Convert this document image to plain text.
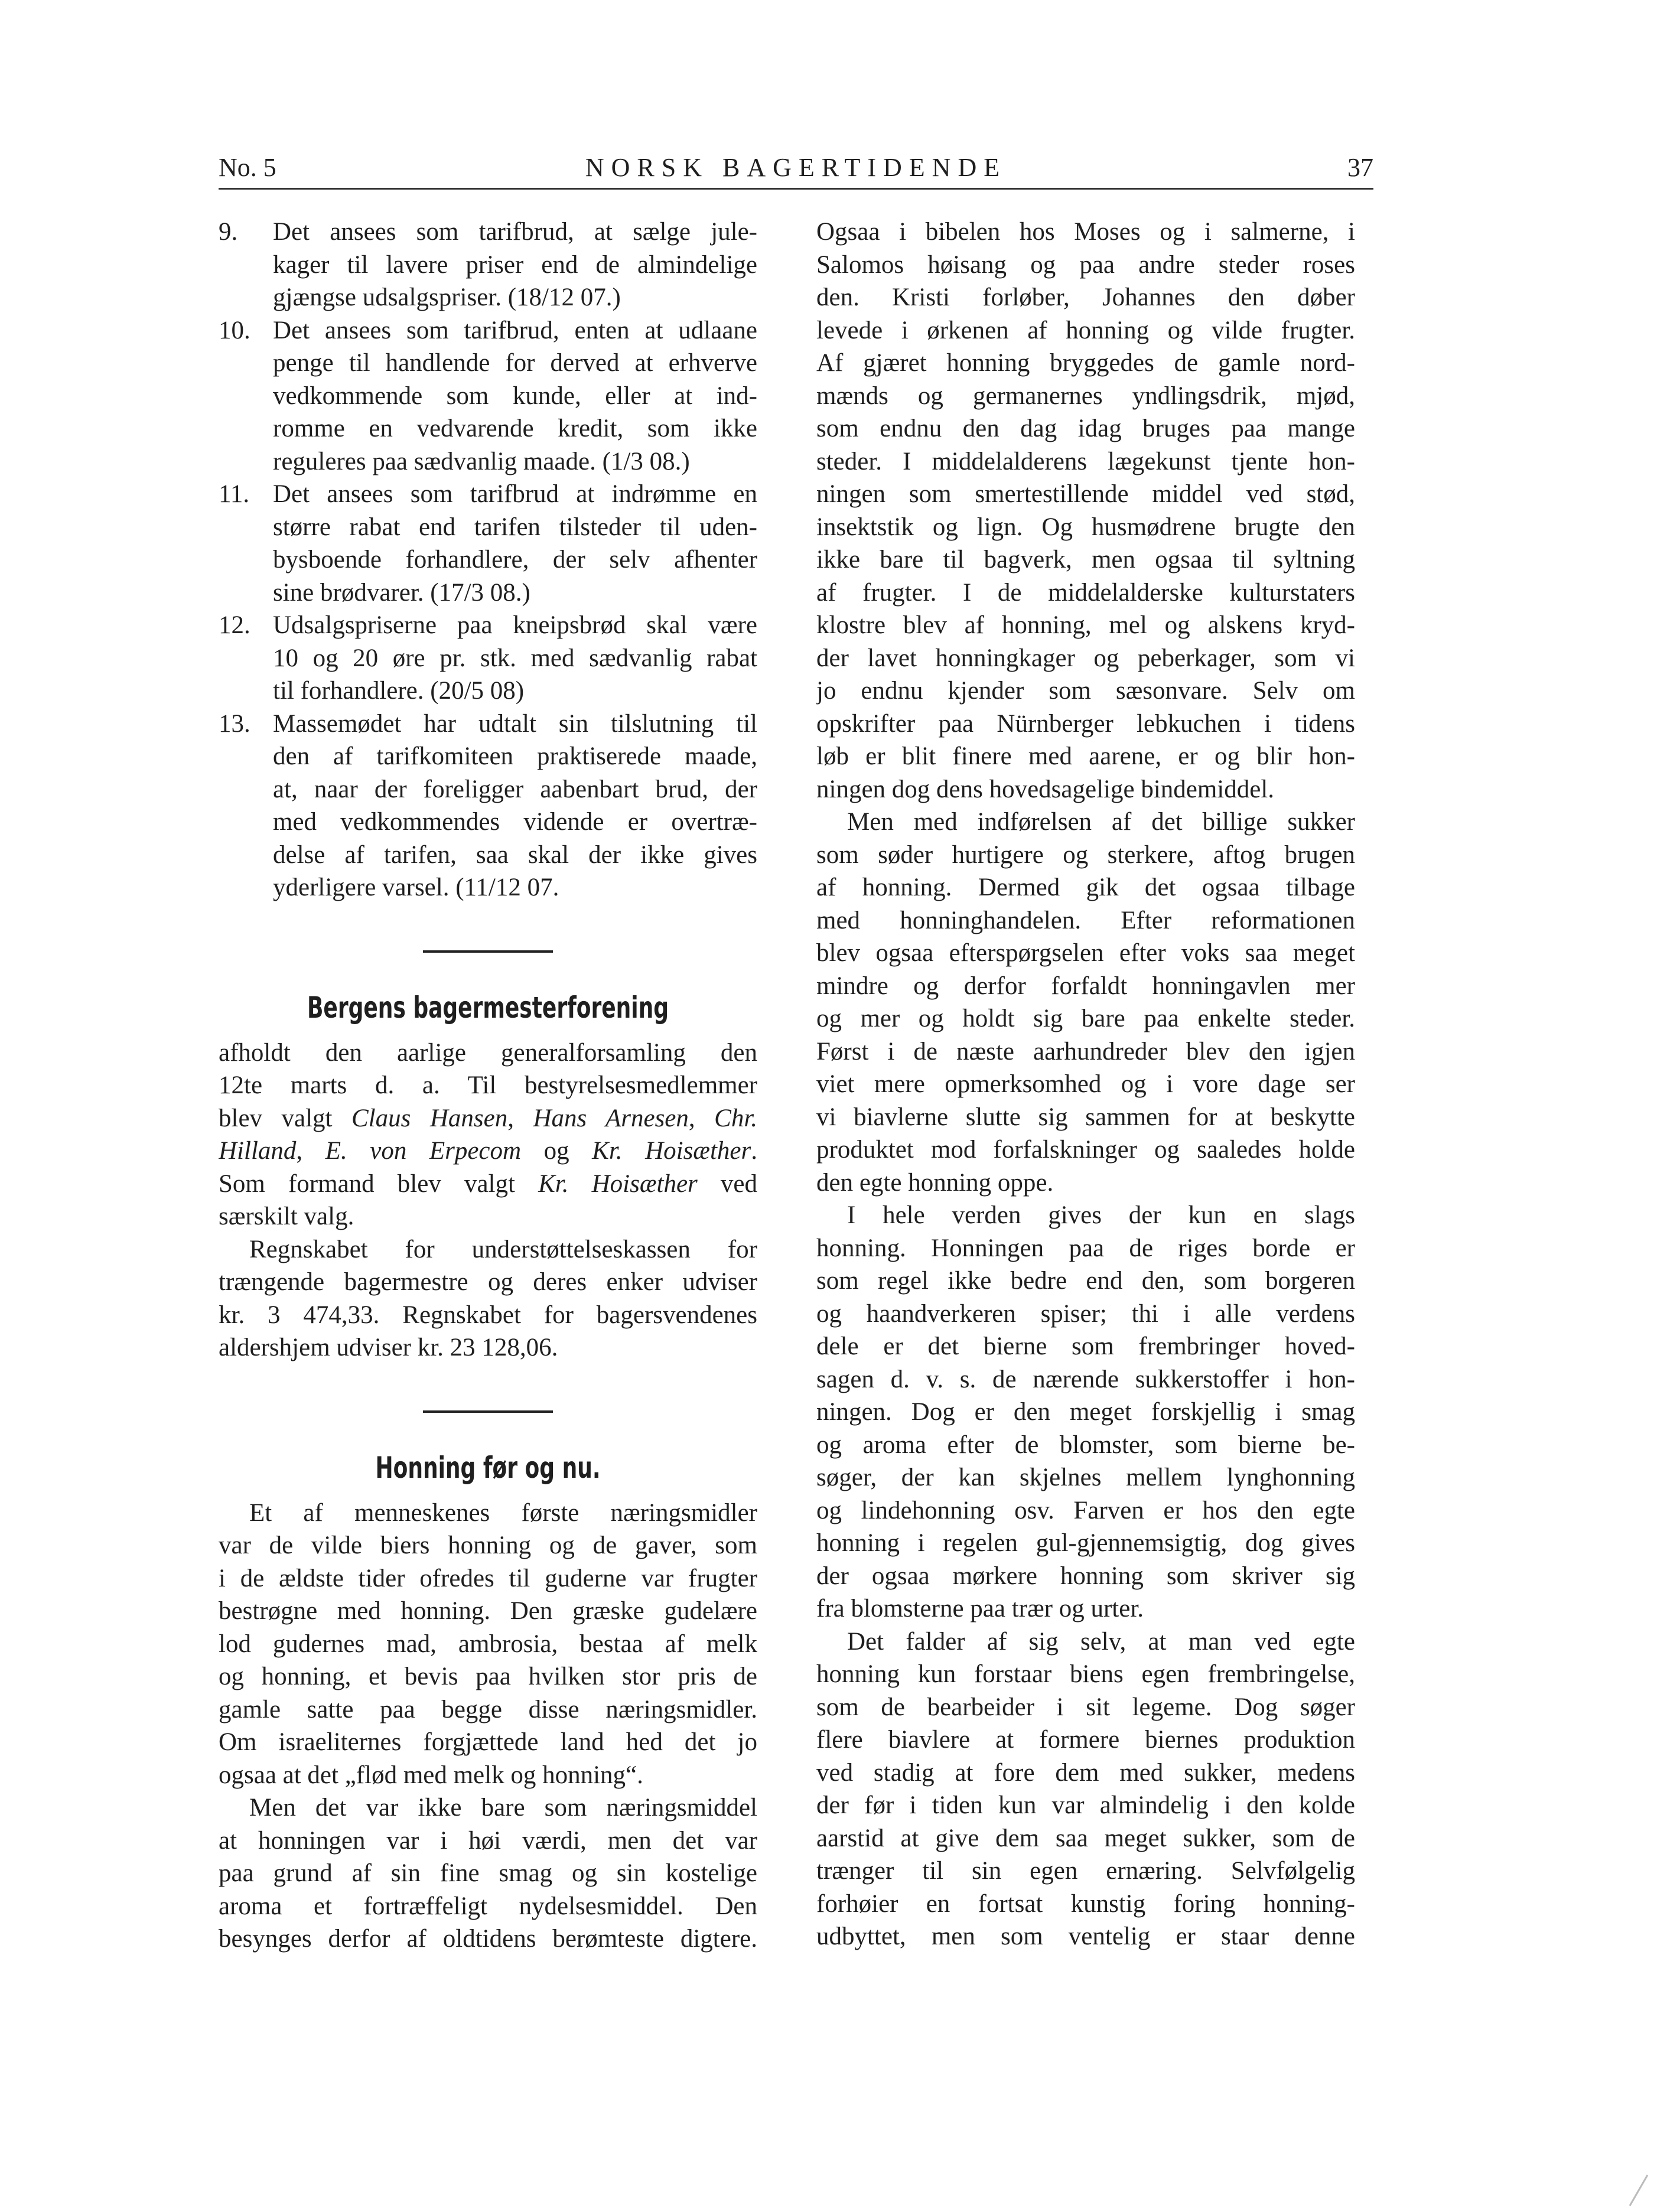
No. 5	NORSK BAGERTIDENDE	37
9.	Det ansees som tarifbrud, at sælge jule-
kager til lavere priser end de almindelige
gjængse udsalgspriser. (18/12 07.)
10. Det ansees som tarifbrud, enten at udlaane
penge til handlende for derved at erhverve
vedkommende som kunde, eller at ind-
romme en vedvarende kredit, som ikke
reguleres paa sædvanlig maade. (1/3 08.)
11. Det ansees som tarifbrud at indrømme en
større rabat end tarifen tilsteder til uden-
bysboende forhandlere, der selv afhenter
sine brødvarer. (17/3 08.)
12. Udsalgspriserne paa kneipsbrød skal være
10 og 20 øre pr. stk. med sædvanlig rabat
til forhandlere. (20/5 08)
13. Massemødet har udtalt sin tilslutning til
den af tarifkomiteen praktiserede maade,
at, naar der foreligger aabenbart brud, der
med vedkommendes vidende er overtræ-
delse af tarifen, saa skal der ikke gives
yderligere varsel. (11/12 07.
Bergens bagermesterforening
afholdt den aarlige generalforsamling den
12te marts d. a. Til bestyrelsesmedlemmer
blev valgt Claus Hansen, Hans Arnesen, Chr.
Hilland, E. von Erpecom og Kr. Hoisæther.
Som formand blev valgt Kr. Hoisæther ved
særskilt valg.
Regnskabet for understøttelseskassen for
trængende bagermestre og deres enker udviser
kr. 3 474,33. Regnskabet for bagersvendenes
aldershjem udviser kr. 23 128,06.
Honning før og nu.
Et af menneskenes første næringsmidler
var de vilde biers honning og de gaver, som
i de ældste tider ofredes til guderne var frugter
bestrøgne med honning. Den græske gudelære
lod gudernes mad, ambrosia, bestaa af melk
og honning, et bevis paa hvilken stor pris de
gamle satte paa begge disse næringsmidler.
Om israeliternes forgjættede land hed det jo
ogsaa at det „flød med melk og honning“.
Men det var ikke bare som næringsmiddel
at honningen var i høi værdi, men det var
paa grund af sin fine smag og sin kostelige
aroma et fortræffeligt nydelsesmiddel. Den
besynges derfor af oldtidens berømteste digtere.
Ogsaa i bibelen hos Moses og i salmerne, i
Salomos høisang og paa andre steder roses
den. Kristi forløber, Johannes den døber
levede i ørkenen af honning og vilde frugter.
Af gjæret honning bryggedes de gamle nord-
mænds og germanernes yndlingsdrik, mjød,
som endnu den dag idag bruges paa mange
steder. I middelalderens lægekunst tjente hon-
ningen som smertestillende middel ved stød,
insektstik og lign. Og husmødrene brugte den
ikke bare til bagverk, men ogsaa til syltning
af frugter. I de middelalderske kulturstaters
klostre blev af honning, mel og alskens kryd-
der lavet honningkager og peberkager, som vi
jo endnu kjender som sæsonvare. Selv om
opskrifter paa Nürnberger lebkuchen i tidens
løb er blit finere med aarene, er og blir hon-
ningen dog dens hovedsagelige bindemiddel.
Men med indførelsen af det billige sukker
som søder hurtigere og sterkere, aftog brugen
af honning. Dermed gik det ogsaa tilbage
med honninghandelen. Efter reformationen
blev ogsaa efterspørgselen efter voks saa meget
mindre og derfor forfaldt honningavlen mer
og mer og holdt sig bare paa enkelte steder.
Først i de næste aarhundreder blev den igjen
viet mere opmerksomhed og i vore dage ser
vi biavlerne slutte sig sammen for at beskytte
produktet mod forfalskninger og saaledes holde
den egte honning oppe.
I hele verden gives der kun en slags
honning. Honningen paa de riges borde er
som regel ikke bedre end den, som borgeren
og haandverkeren spiser; thi i alle verdens
dele er det bierne som frembringer hoved-
sagen d. v. s. de nærende sukkerstoffer i hon-
ningen. Dog er den meget forskjellig i smag
og aroma efter de blomster, som bierne be-
søger, der kan skjelnes mellem lynghonning
og lindehonning osv. Farven er hos den egte
honning i regelen gul-gjennemsigtig, dog gives
der ogsaa mørkere honning som skriver sig
fra blomsterne paa trær og urter.
Det falder af sig selv, at man ved egte
honning kun forstaar biens egen frembringelse,
som de bearbeider i sit legeme. Dog søger
flere biavlere at formere biernes produktion
ved stadig at fore dem med sukker, medens
der før i tiden kun var almindelig i den kolde
aarstid at give dem saa meget sukker, som de
trænger til sin egen ernæring. Selvfølgelig
forhøier en fortsat kunstig foring honning-
udbyttet, men som ventelig er staar denne
